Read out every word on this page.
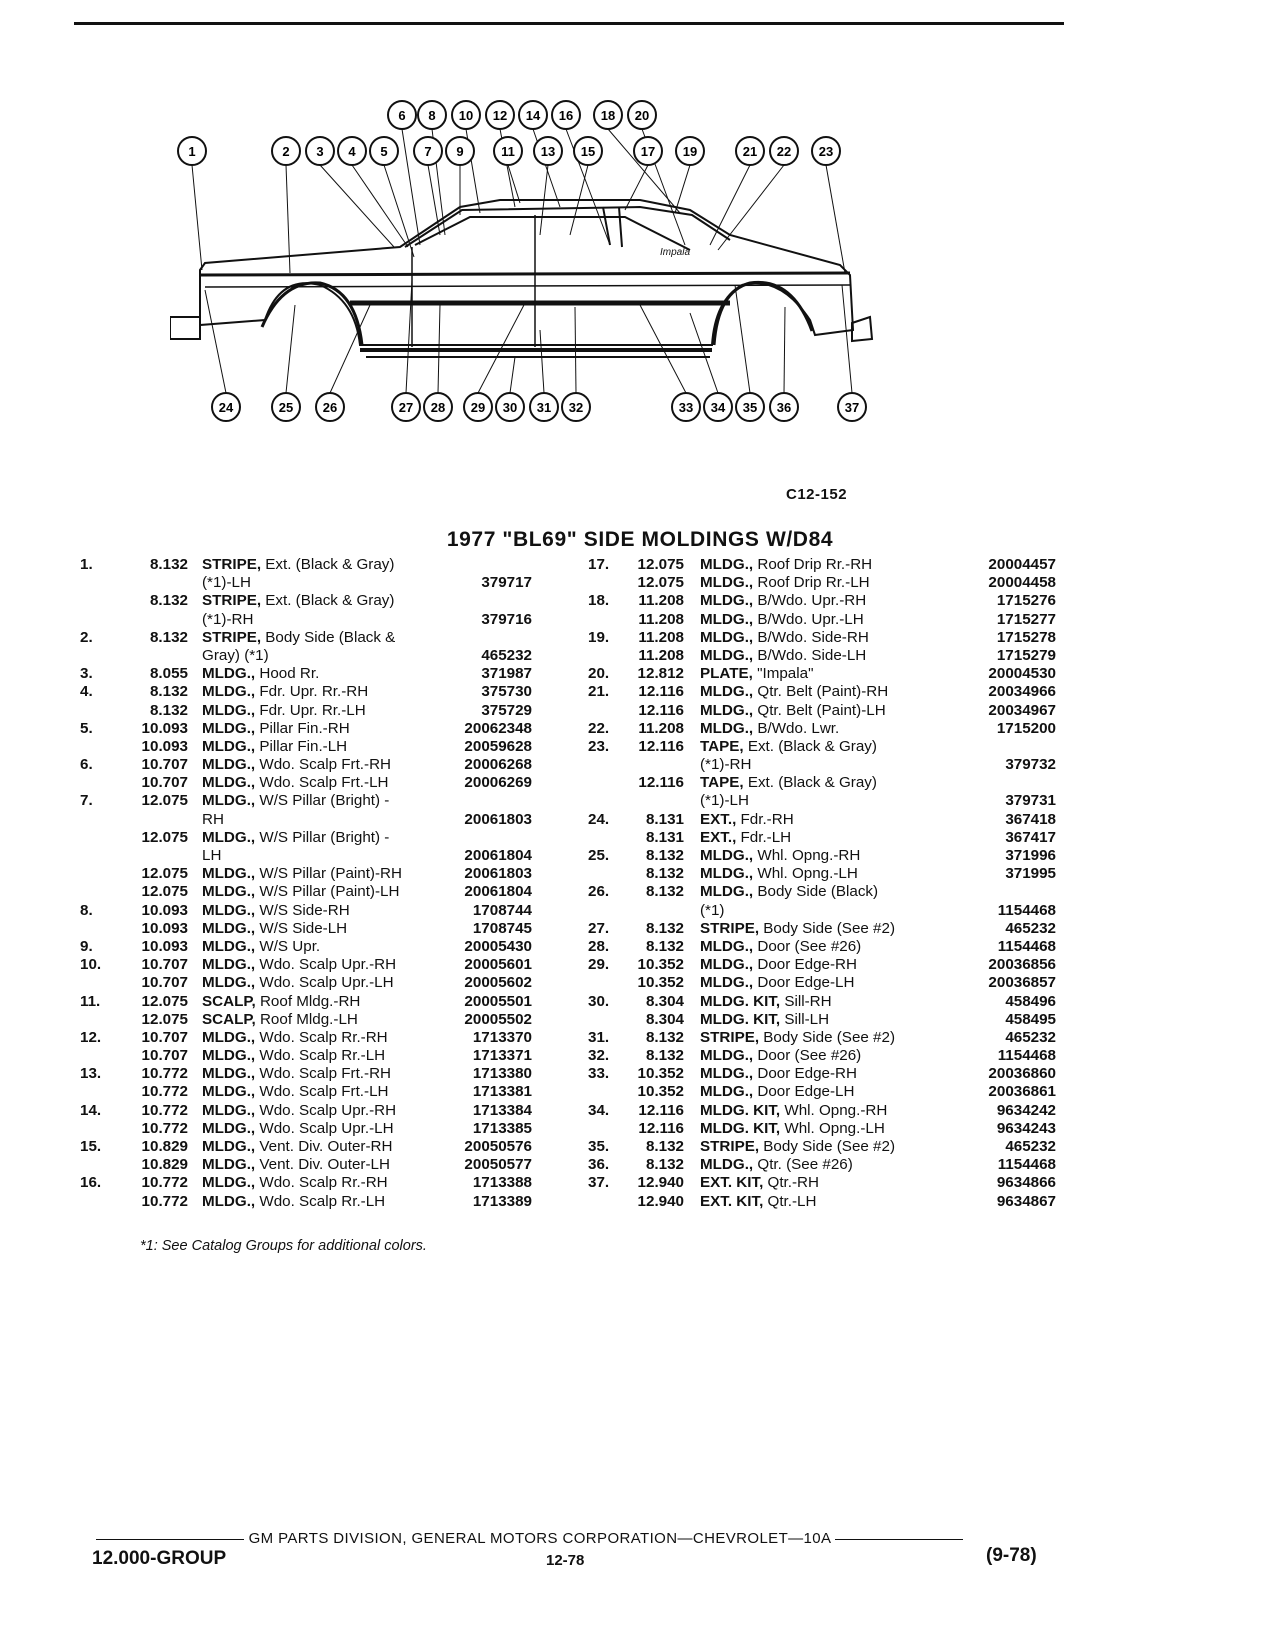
Impala
6 8 10 12 14 16 18 20
1	2 3 4 5	7 9	11 13 15	17 19	21 22 23
24	25 26	27 28 29 30 31 32	33 34 35 36	37
C12-152
1977 "BL69" SIDE MOLDINGS W/D84
1.	8.132 STRIPE, Ext. (Black & Gray)
(*1)-LH	379717
8.132 STRIPE, Ext. (Black & Gray)
(*1)-RH	379716
2.	8.132 STRIPE, Body Side (Black &
Gray) (*1)	465232
3.	8.055 MLDG., Hood Rr.	371987
4.	8.132 MLDG., Fdr. Upr. Rr.-RH	375730
8.132 MLDG., Fdr. Upr. Rr.-LH	375729
5.	10.093 MLDG., Pillar Fin.-RH	20062348
10.093 MLDG., Pillar Fin.-LH	20059628
6.	10.707 MLDG., Wdo. Scalp Frt.-RH	20006268
10.707 MLDG., Wdo. Scalp Frt.-LH	20006269
7.	12.075 MLDG., W/S Pillar (Bright) -
RH	20061803
12.075 MLDG., W/S Pillar (Bright) -
LH	20061804
12.075 MLDG., W/S Pillar (Paint)-RH	20061803
12.075 MLDG., W/S Pillar (Paint)-LH	20061804
8.	10.093 MLDG., W/S Side-RH	1708744
10.093 MLDG., W/S Side-LH	1708745
9.	10.093 MLDG., W/S Upr.	20005430
10.	10.707 MLDG., Wdo. Scalp Upr.-RH	20005601
10.707 MLDG., Wdo. Scalp Upr.-LH	20005602
11.	12.075 SCALP, Roof Mldg.-RH	20005501
12.075 SCALP, Roof Mldg.-LH	20005502
12.	10.707 MLDG., Wdo. Scalp Rr.-RH	1713370
10.707 MLDG., Wdo. Scalp Rr.-LH	1713371
13.	10.772 MLDG., Wdo. Scalp Frt.-RH	1713380
10.772 MLDG., Wdo. Scalp Frt.-LH	1713381
14.	10.772 MLDG., Wdo. Scalp Upr.-RH	1713384
10.772 MLDG., Wdo. Scalp Upr.-LH	1713385
15.	10.829 MLDG., Vent. Div. Outer-RH	20050576
10.829 MLDG., Vent. Div. Outer-LH	20050577
16.	10.772 MLDG., Wdo. Scalp Rr.-RH	1713388
10.772 MLDG., Wdo. Scalp Rr.-LH	1713389
17.	12.075 MLDG., Roof Drip Rr.-RH	20004457
12.075 MLDG., Roof Drip Rr.-LH	20004458
18.	11.208 MLDG., B/Wdo. Upr.-RH	1715276
11.208 MLDG., B/Wdo. Upr.-LH	1715277
19.	11.208 MLDG., B/Wdo. Side-RH	1715278
11.208 MLDG., B/Wdo. Side-LH	1715279
20.	12.812 PLATE, "Impala"	20004530
21.	12.116 MLDG., Qtr. Belt (Paint)-RH	20034966
12.116 MLDG., Qtr. Belt (Paint)-LH	20034967
22.	11.208 MLDG., B/Wdo. Lwr.	1715200
23.	12.116 TAPE, Ext. (Black & Gray)
(*1)-RH	379732
12.116 TAPE, Ext. (Black & Gray)
(*1)-LH	379731
24.	8.131 EXT., Fdr.-RH	367418
8.131 EXT., Fdr.-LH	367417
25.	8.132 MLDG., Whl. Opng.-RH	371996
8.132 MLDG., Whl. Opng.-LH	371995
26.	8.132 MLDG., Body Side (Black)
(*1)	1154468
27.	8.132 STRIPE, Body Side (See #2)	465232
28.	8.132 MLDG., Door (See #26)	1154468
29.	10.352 MLDG., Door Edge-RH	20036856
10.352 MLDG., Door Edge-LH	20036857
30.	8.304 MLDG. KIT, Sill-RH	458496
8.304 MLDG. KIT, Sill-LH	458495
31.	8.132 STRIPE, Body Side (See #2)	465232
32.	8.132 MLDG., Door (See #26)	1154468
33.	10.352 MLDG., Door Edge-RH	20036860
10.352 MLDG., Door Edge-LH	20036861
34.	12.116 MLDG. KIT, Whl. Opng.-RH	9634242
12.116 MLDG. KIT, Whl. Opng.-LH	9634243
35.	8.132 STRIPE, Body Side (See #2)	465232
36.	8.132 MLDG., Qtr. (See #26)	1154468
37.	12.940 EXT. KIT, Qtr.-RH	9634866
12.940 EXT. KIT, Qtr.-LH	9634867
*1: See Catalog Groups for additional colors.
GM PARTS DIVISION, GENERAL MOTORS CORPORATION—CHEVROLET—10A
12.000-GROUP	12-78	(9-78)
